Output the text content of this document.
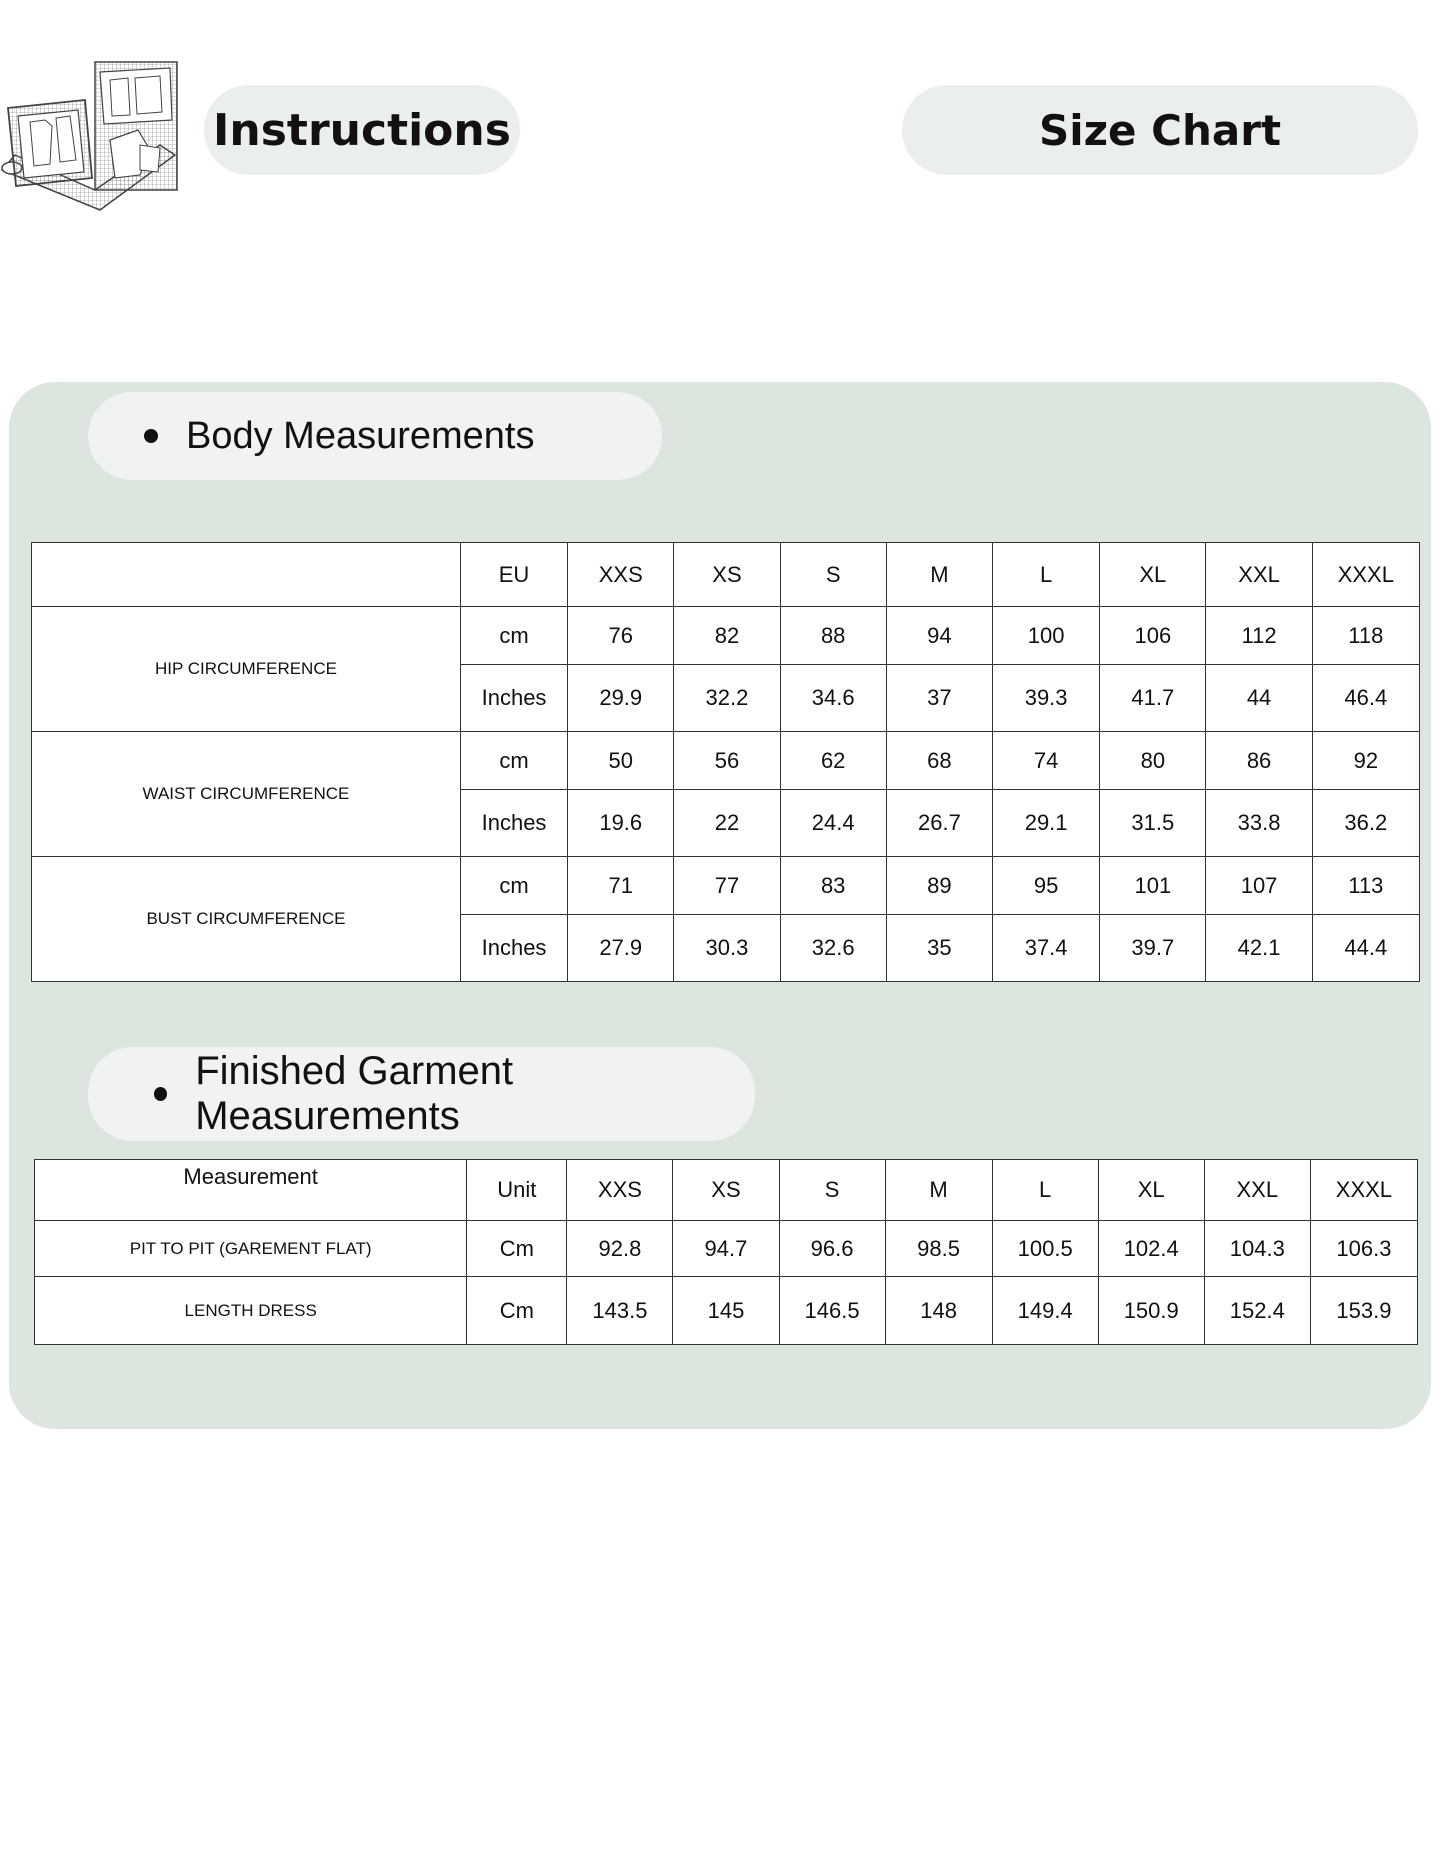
Instructions	Size Chart
Body Measurements
	EU	XXS	XS	S	M	L	XL	XXL	XXXL
HIP CIRCUMFERENCE	cm	76	82	88	94	100	106	112	118
	Inches	29.9	32.2	34.6	37	39.3	41.7	44	46.4
WAIST CIRCUMFERENCE	cm	50	56	62	68	74	80	86	92
	Inches	19.6	22	24.4	26.7	29.1	31.5	33.8	36.2
BUST CIRCUMFERENCE	cm	71	77	83	89	95	101	107	113
	Inches	27.9	30.3	32.6	35	37.4	39.7	42.1	44.4
Finished Garment Measurements
Measurement	Unit	XXS	XS	S	M	L	XL	XXL	XXXL
PIT TO PIT (GAREMENT FLAT)	Cm	92.8	94.7	96.6	98.5	100.5	102.4	104.3	106.3
LENGTH DRESS	Cm	143.5	145	146.5	148	149.4	150.9	152.4	153.9
